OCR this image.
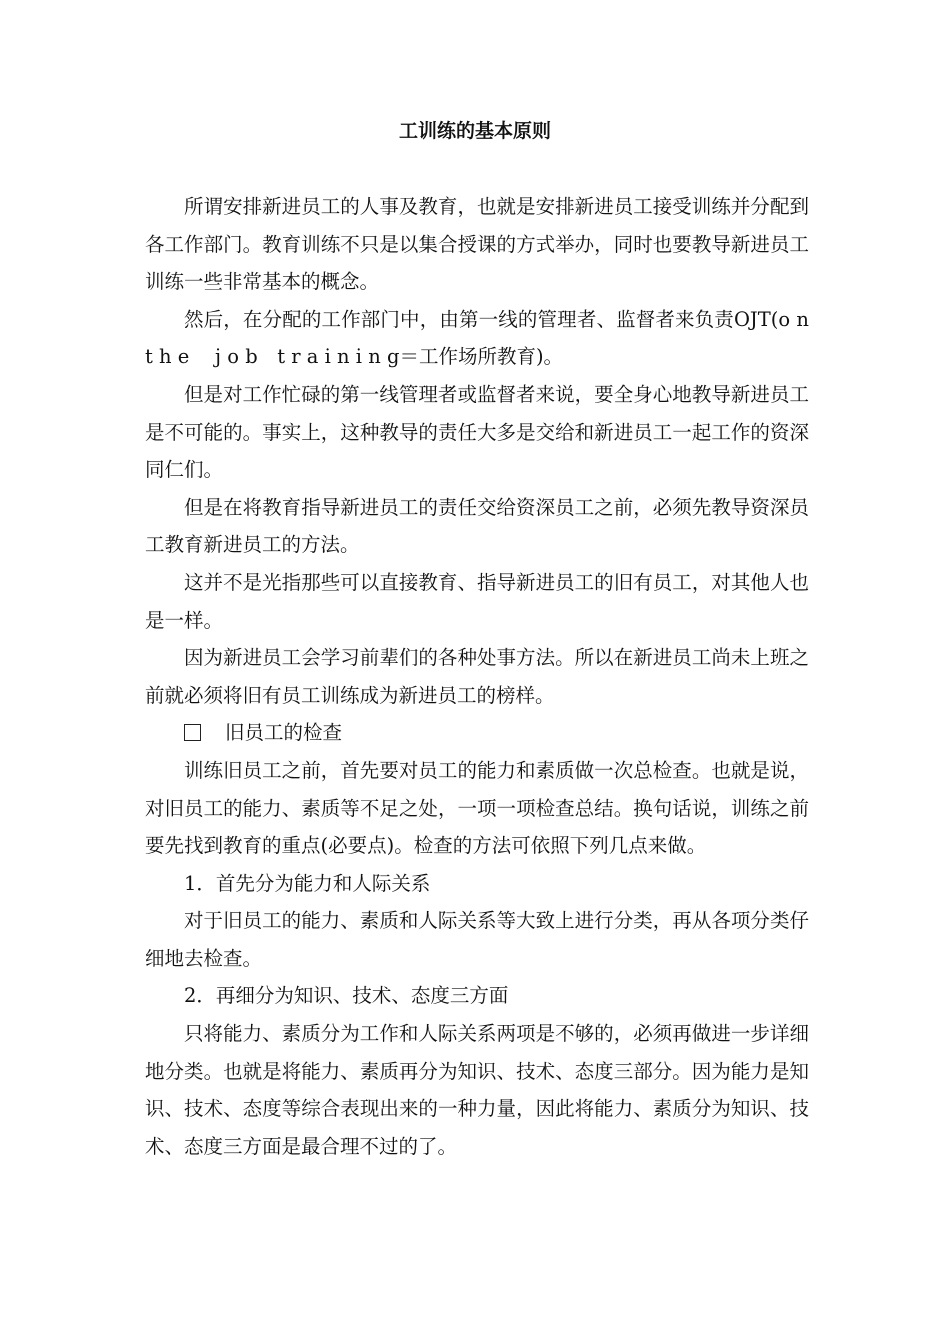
工训练的基本原则

所谓安排新进员工的人事及教育，也就是安排新进员工接受训练并分配到各工作部门。教育训练不只是以集合授课的方式举办，同时也要教导新进员工训练一些非常基本的概念。

然后，在分配的工作部门中，由第一线的管理者、监督者来负责OJT(o n　 t h e　 j o b　t r a i n i n g＝工作场所教育)。

但是对工作忙碌的第一线管理者或监督者来说，要全身心地教导新进员工是不可能的。事实上，这种教导的责任大多是交给和新进员工一起工作的资深同仁们。

但是在将教育指导新进员工的责任交给资深员工之前，必须先教导资深员工教育新进员工的方法。

这并不是光指那些可以直接教育、指导新进员工的旧有员工，对其他人也是一样。

因为新进员工会学习前辈们的各种处事方法。所以在新进员工尚未上班之前就必须将旧有员工训练成为新进员工的榜样。

旧员工的检查

训练旧员工之前，首先要对员工的能力和素质做一次总检查。也就是说，对旧员工的能力、素质等不足之处，一项一项检查总结。换句话说，训练之前要先找到教育的重点(必要点)。检查的方法可依照下列几点来做。

1．首先分为能力和人际关系

对于旧员工的能力、素质和人际关系等大致上进行分类，再从各项分类仔细地去检查。

2．再细分为知识、技术、态度三方面

只将能力、素质分为工作和人际关系两项是不够的，必须再做进一步详细地分类。也就是将能力、素质再分为知识、技术、态度三部分。因为能力是知识、技术、态度等综合表现出来的一种力量，因此将能力、素质分为知识、技术、态度三方面是最合理不过的了。
